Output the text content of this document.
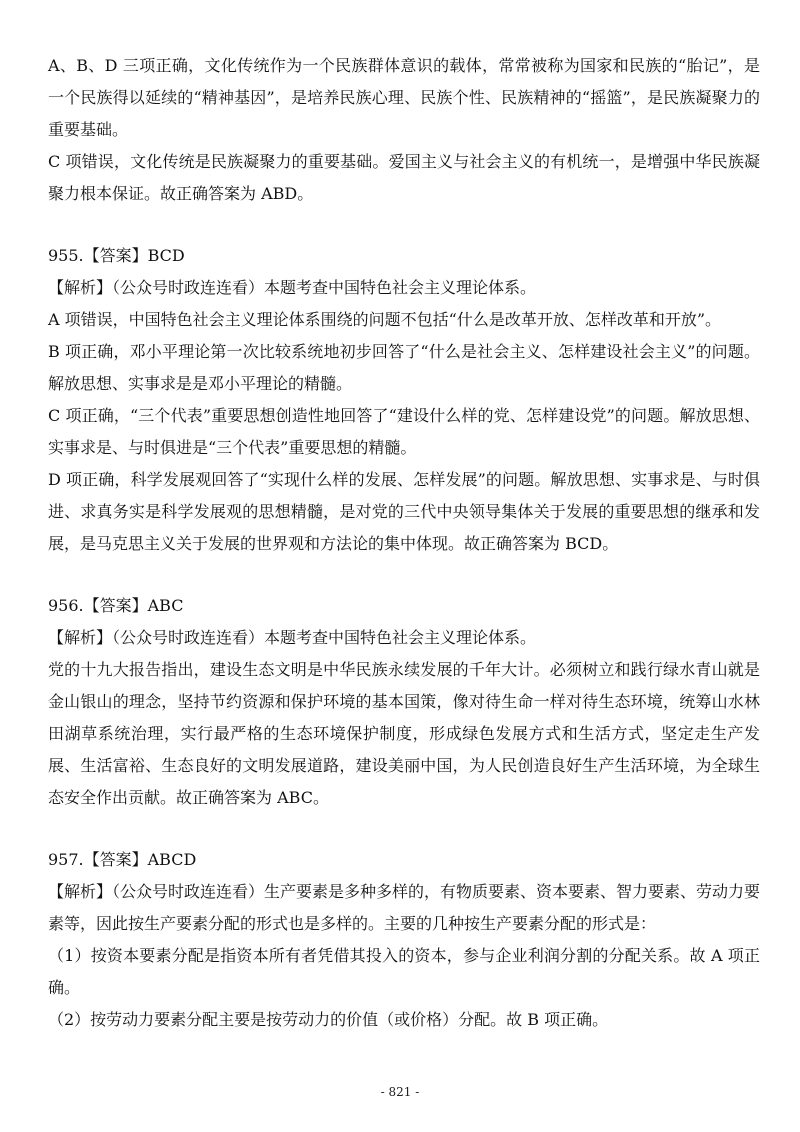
A、B、D 三项正确，文化传统作为一个民族群体意识的载体，常常被称为国家和民族的“胎记”，是一个民族得以延续的“精神基因”，是培养民族心理、民族个性、民族精神的“摇篮”，是民族凝聚力的重要基础。

C 项错误，文化传统是民族凝聚力的重要基础。爱国主义与社会主义的有机统一，是增强中华民族凝聚力根本保证。故正确答案为 ABD。

955.【答案】BCD

【解析】（公众号时政连连看）本题考查中国特色社会主义理论体系。

A 项错误，中国特色社会主义理论体系围绕的问题不包括“什么是改革开放、怎样改革和开放”。

B 项正确，邓小平理论第一次比较系统地初步回答了“什么是社会主义、怎样建设社会主义”的问题。解放思想、实事求是是邓小平理论的精髓。

C 项正确，“三个代表”重要思想创造性地回答了“建设什么样的党、怎样建设党”的问题。解放思想、实事求是、与时俱进是“三个代表”重要思想的精髓。

D 项正确，科学发展观回答了“实现什么样的发展、怎样发展”的问题。解放思想、实事求是、与时俱进、求真务实是科学发展观的思想精髓，是对党的三代中央领导集体关于发展的重要思想的继承和发展，是马克思主义关于发展的世界观和方法论的集中体现。故正确答案为 BCD。

956.【答案】ABC

【解析】（公众号时政连连看）本题考查中国特色社会主义理论体系。

党的十九大报告指出，建设生态文明是中华民族永续发展的千年大计。必须树立和践行绿水青山就是金山银山的理念，坚持节约资源和保护环境的基本国策，像对待生命一样对待生态环境，统筹山水林田湖草系统治理，实行最严格的生态环境保护制度，形成绿色发展方式和生活方式，坚定走生产发展、生活富裕、生态良好的文明发展道路，建设美丽中国，为人民创造良好生产生活环境，为全球生态安全作出贡献。故正确答案为 ABC。

957.【答案】ABCD

【解析】（公众号时政连连看）生产要素是多种多样的，有物质要素、资本要素、智力要素、劳动力要素等，因此按生产要素分配的形式也是多样的。主要的几种按生产要素分配的形式是：

（1）按资本要素分配是指资本所有者凭借其投入的资本，参与企业利润分割的分配关系。故 A 项正确。

（2）按劳动力要素分配主要是按劳动力的价值（或价格）分配。故 B 项正确。

- 821 -
